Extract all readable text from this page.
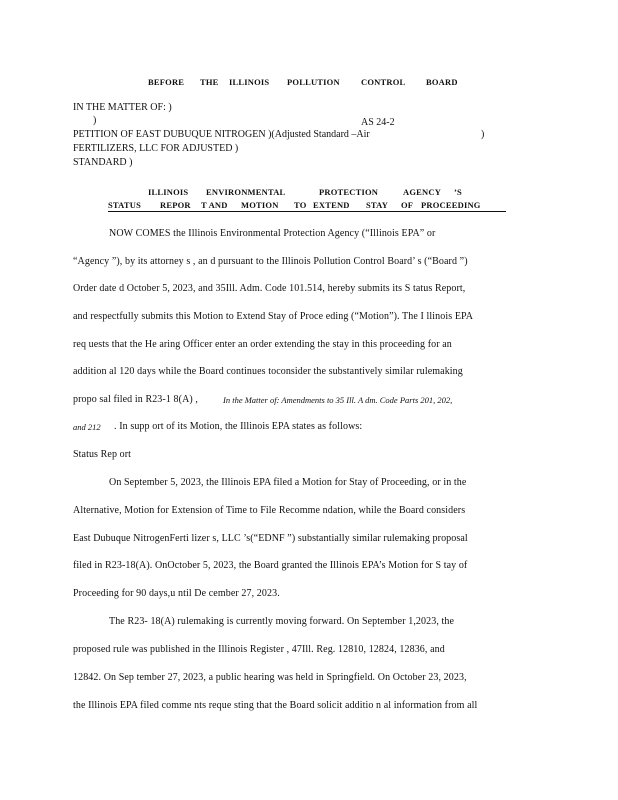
BEFORE THE ILLINOIS POLLUTION CONTROL BOARD
IN THE MATTER OF: )
)	AS 24-2
PETITION OF EAST DUBUQUE NITROGEN )(Adjusted Standard –Air	)
FERTILIZERS, LLC FOR ADJUSTED )
STANDARD )
ILLINOIS ENVIRONMENTAL	PROTECTION	AGENCY ’S
STATUS REPOR T AND MOTION TO EXTEND STAY OF PROCEEDING
NOW COMES the Illinois Environmental Protection Agency (“Illinois EPA” or
“Agency ”), by its attorney s , an d pursuant to the Illinois Pollution Control Board’ s (“Board ”)
Order date d October 5, 2023, and 35Ill. Adm. Code 101.514, hereby submits its S tatus Report,
and respectfully submits this Motion to Extend Stay of Proce eding (“Motion”). The I llinois EPA
req uests that the He aring Officer enter an order extending the stay in this proceeding for an
addition al 120 days while the Board continues toconsider the substantively similar rulemaking
propo sal filed in R23-1 8(A) ,	In the Matter of: Amendments to 35 Ill. A dm. Code Parts 201, 202,
and 212 . In supp ort of its Motion, the Illinois EPA states as follows:
Status Rep ort
On September 5, 2023, the Illinois EPA filed a Motion for Stay of Proceeding, or in the
Alternative, Motion for Extension of Time to File Recomme ndation, while the Board considers
East Dubuque NitrogenFerti lizer s, LLC ’s(“EDNF ”) substantially similar rulemaking proposal
filed in R23-18(A). OnOctober 5, 2023, the Board granted the Illinois EPA’s Motion for S tay of
Proceeding for 90 days,u ntil De cember 27, 2023.
The R23- 18(A) rulemaking is currently moving forward. On September 1,2023, the
proposed rule was published in the Illinois Register , 47Ill. Reg. 12810, 12824, 12836, and
12842. On Sep tember 27, 2023, a public hearing was held in Springfield. On October 23, 2023,
the Illinois EPA filed comme nts reque sting that the Board solicit additio n al information from all
